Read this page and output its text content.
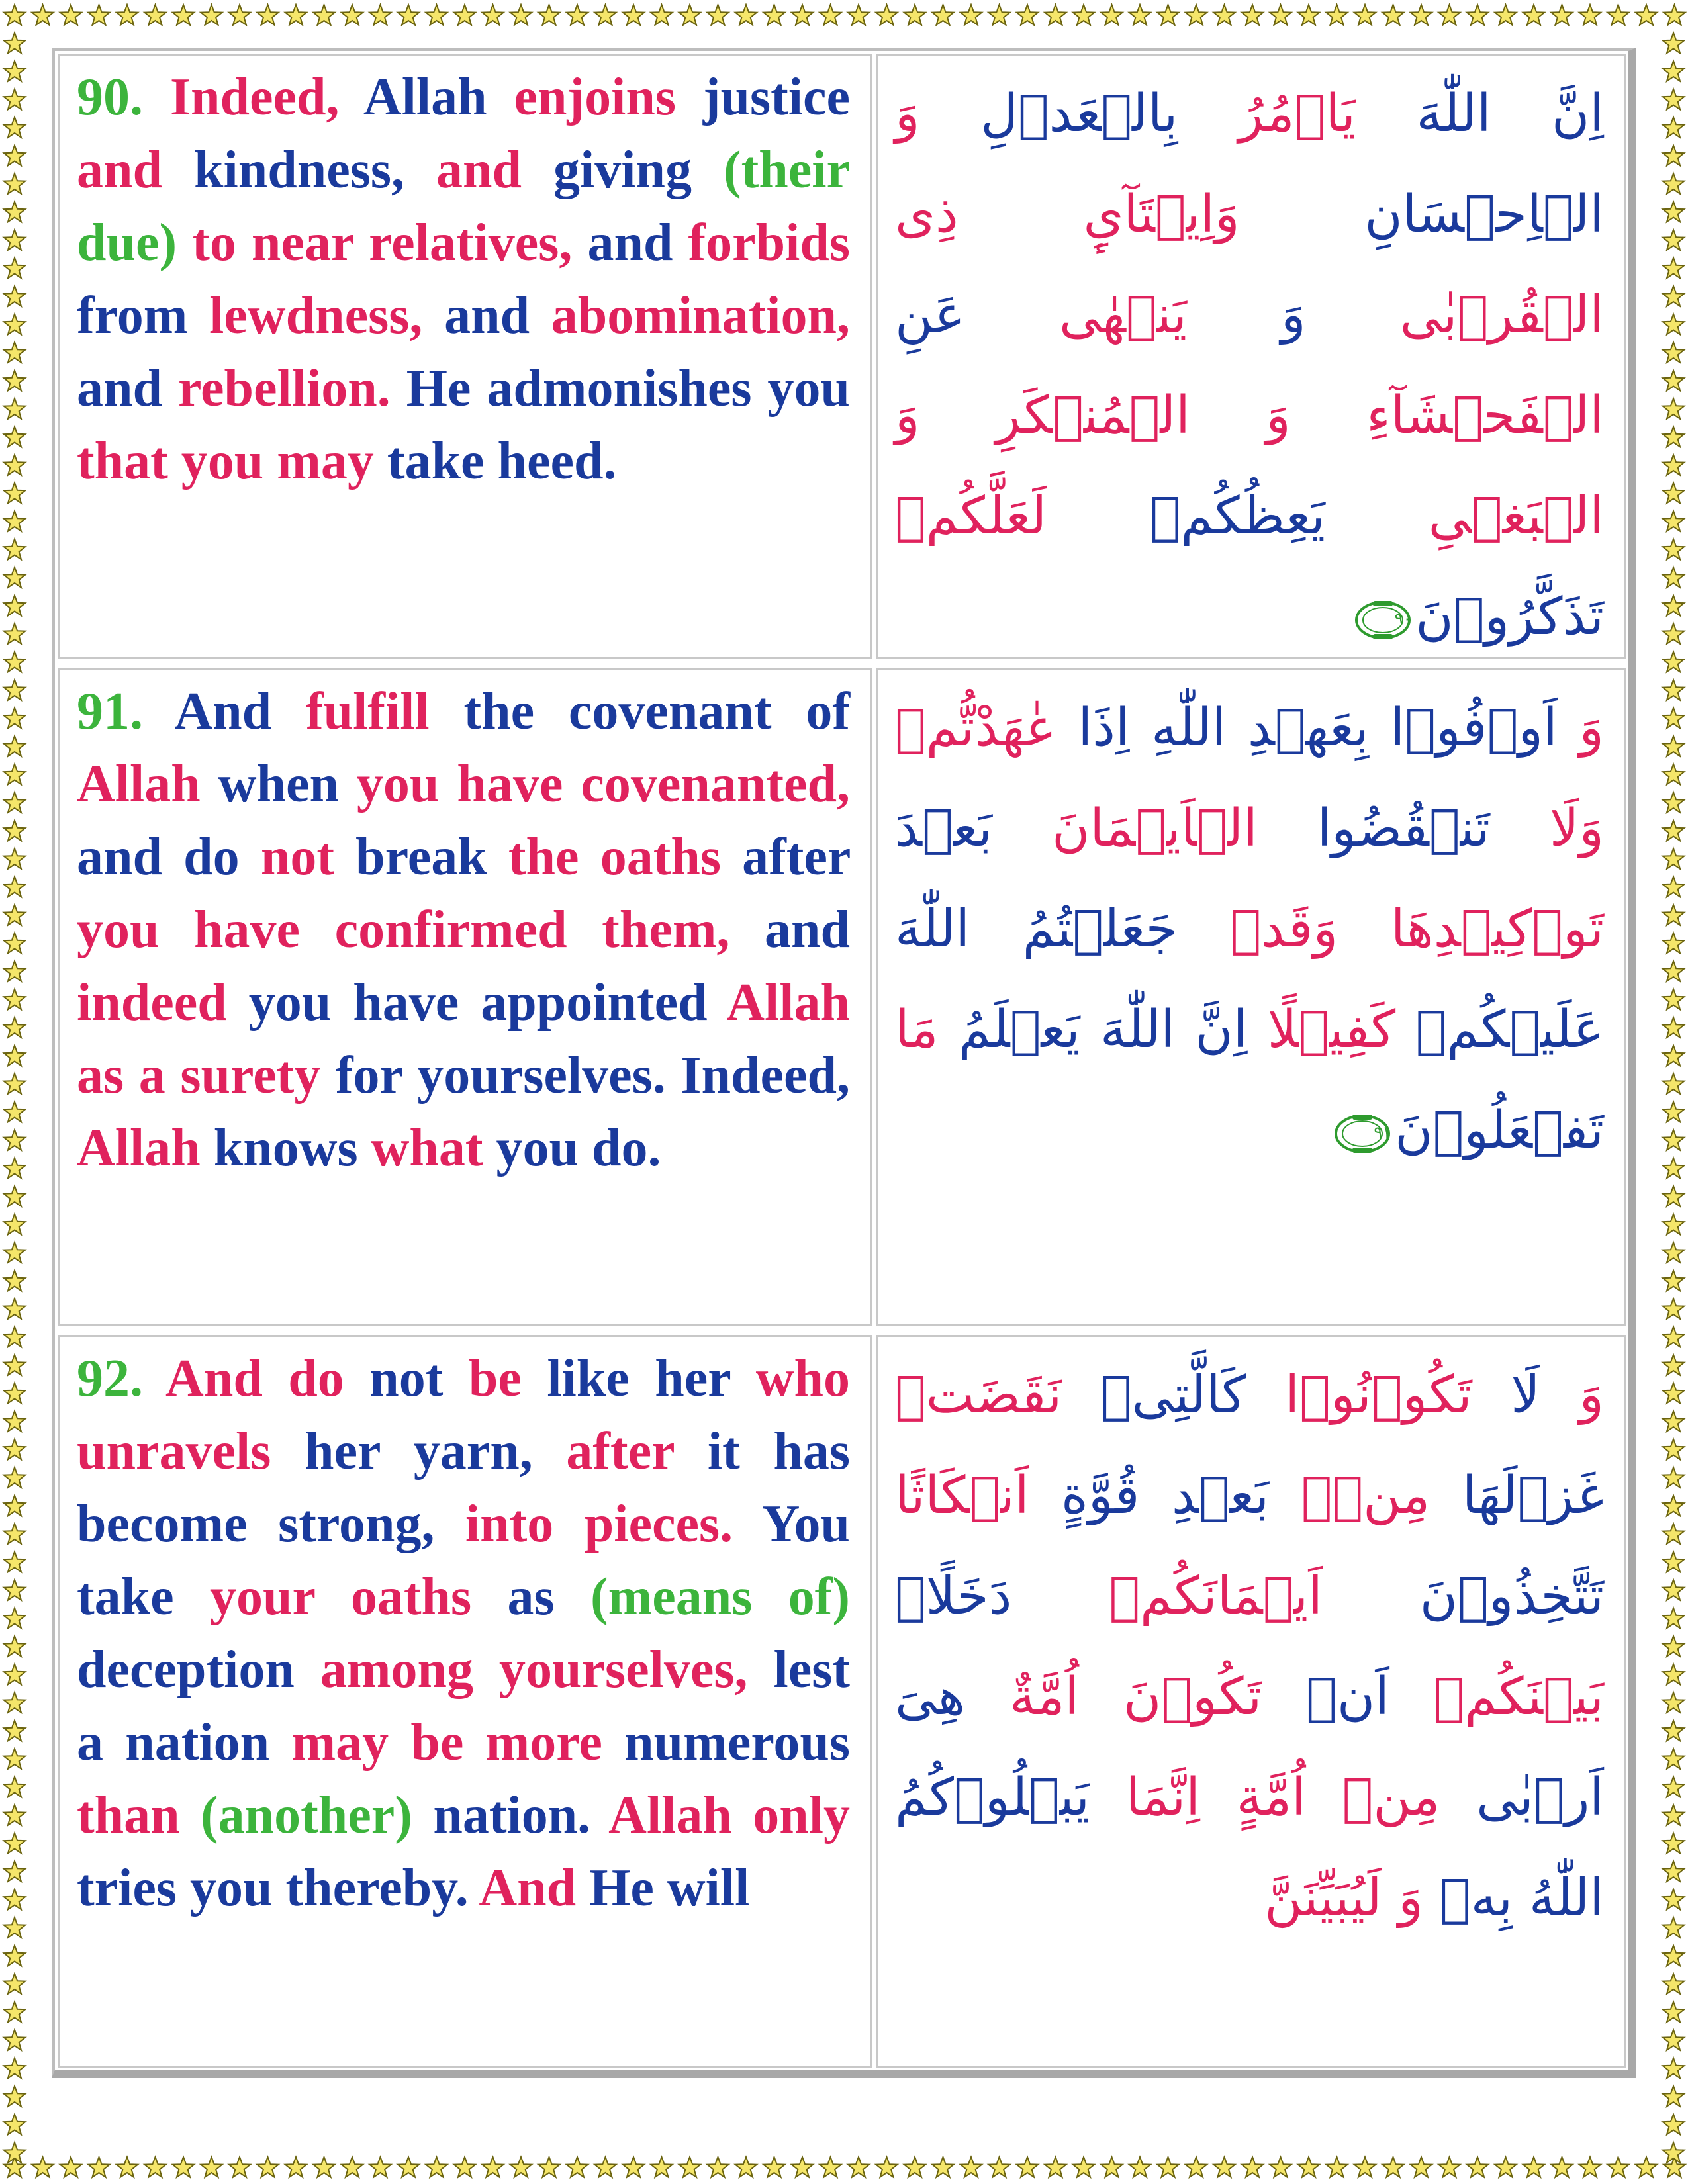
90. Indeed, Allah enjoins justice and kindness, and giving (their due) to near relatives, and forbids from lewdness, and abomination, and rebellion. He admonishes you that you may take heed.

اِنَّ اللّٰهَ يَاۡمُرُ بِالۡعَدۡلِ وَ الۡاِحۡسَانِ وَاِيۡتَآىِٕ ذِى الۡقُرۡبٰى وَ يَنۡهٰى عَنِ الۡفَحۡشَآءِ وَ الۡمُنۡكَرِ وَ الۡبَغۡىِ يَعِظُكُمۡ لَعَلَّكُمۡ تَذَكَّرُوۡنَ
٩٠

91. And fulfill the covenant of Allah when you have covenanted, and do not break the oaths after you have confirmed them, and indeed you have appointed Allah as a surety for yourselves. Indeed, Allah knows what you do.

وَ اَوۡفُوۡا بِعَهۡدِ اللّٰهِ اِذَا عٰهَدْتُّمۡ وَلَا تَنۡقُضُوا الۡاَيۡمَانَ بَعۡدَ تَوۡكِيۡدِهَا وَقَدۡ جَعَلۡتُمُ اللّٰهَ عَلَيۡكُمۡ كَفِيۡلًا اِنَّ اللّٰهَ يَعۡلَمُ مَا تَفۡعَلُوۡنَ
٩١

92. And do not be like her who unravels her yarn, after it has become strong, into pieces. You take your oaths as (means of) deception among yourselves, lest a nation may be more numerous than (another) nation. Allah only tries you thereby. And He will

وَ لَا تَكُوۡنُوۡا كَالَّتِىۡ نَقَضَتۡ غَزۡلَهَا مِنۡۢ بَعۡدِ قُوَّةٍ اَنۡكَاثًا تَتَّخِذُوۡنَ اَيۡمَانَكُمۡ دَخَلًاۢ بَيۡنَكُمۡ اَنۡ تَكُوۡنَ اُمَّةٌ هِىَ اَرۡبٰى مِنۡ اُمَّةٍ اِنَّمَا يَبۡلُوۡكُمُ اللّٰهُ بِهٖ وَ لَيُبَيِّنَنَّ
